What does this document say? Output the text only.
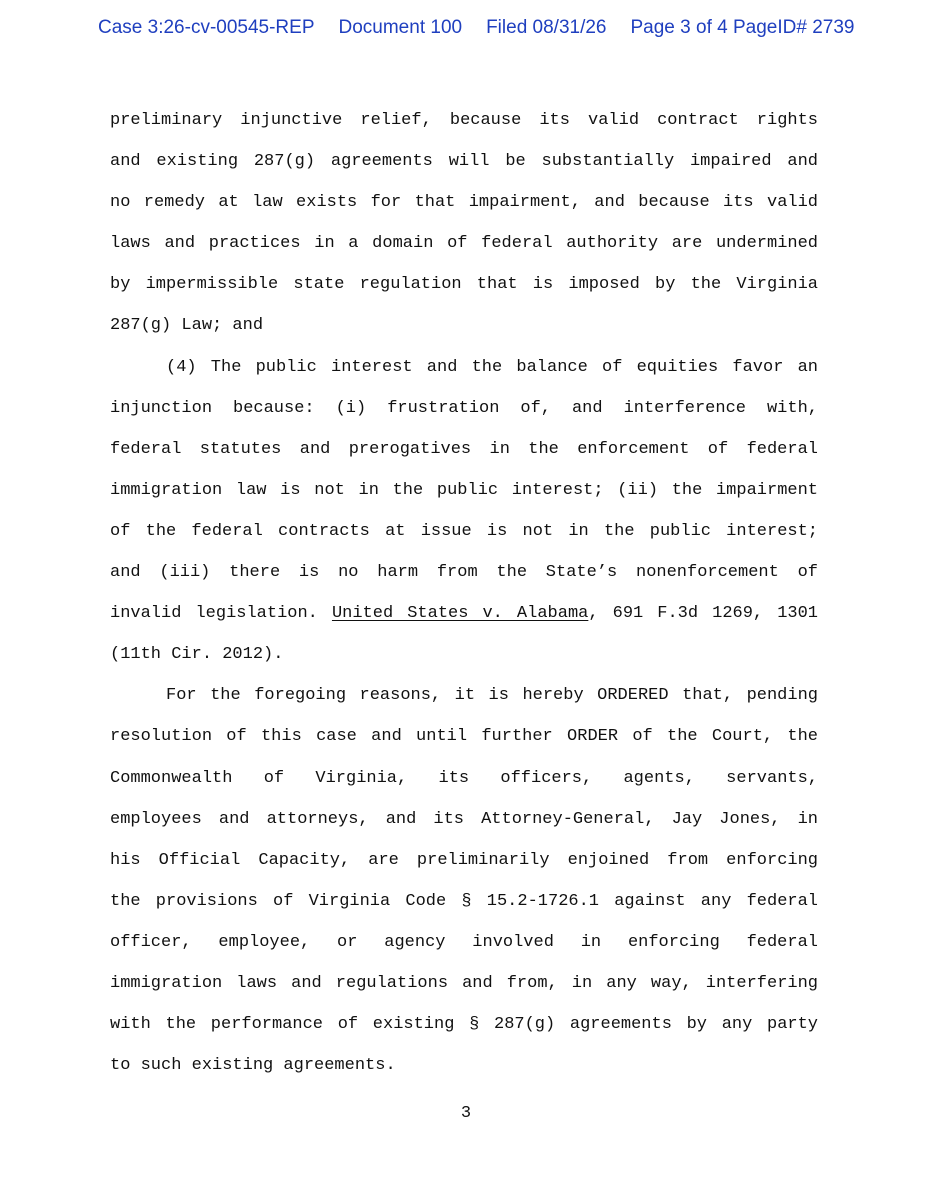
Case 3:26-cv-00545-REP Document 100 Filed 08/31/26 Page 3 of 4 PageID# 2739
preliminary injunctive relief, because its valid contract rights
and existing 287(g) agreements will be substantially impaired and
no remedy at law exists for that impairment, and because its valid
laws and practices in a domain of federal authority are undermined
by impermissible state regulation that is imposed by the Virginia
287(g) Law; and
(4) The public interest and the balance of equities favor an
injunction because: (i) frustration of, and interference with,
federal statutes and prerogatives in the enforcement of federal
immigration law is not in the public interest; (ii) the impairment
of the federal contracts at issue is not in the public interest;
and (iii) there is no harm from the State’s nonenforcement of
invalid legislation. United States v. Alabama, 691 F.3d 1269, 1301
(11th Cir. 2012).
For the foregoing reasons, it is hereby ORDERED that, pending
resolution of this case and until further ORDER of the Court, the
Commonwealth of Virginia, its officers, agents, servants,
employees and attorneys, and its Attorney-General, Jay Jones, in
his Official Capacity, are preliminarily enjoined from enforcing
the provisions of Virginia Code § 15.2-1726.1 against any federal
officer, employee, or agency involved in enforcing federal
immigration laws and regulations and from, in any way, interfering
with the performance of existing § 287(g) agreements by any party
to such existing agreements.
3
